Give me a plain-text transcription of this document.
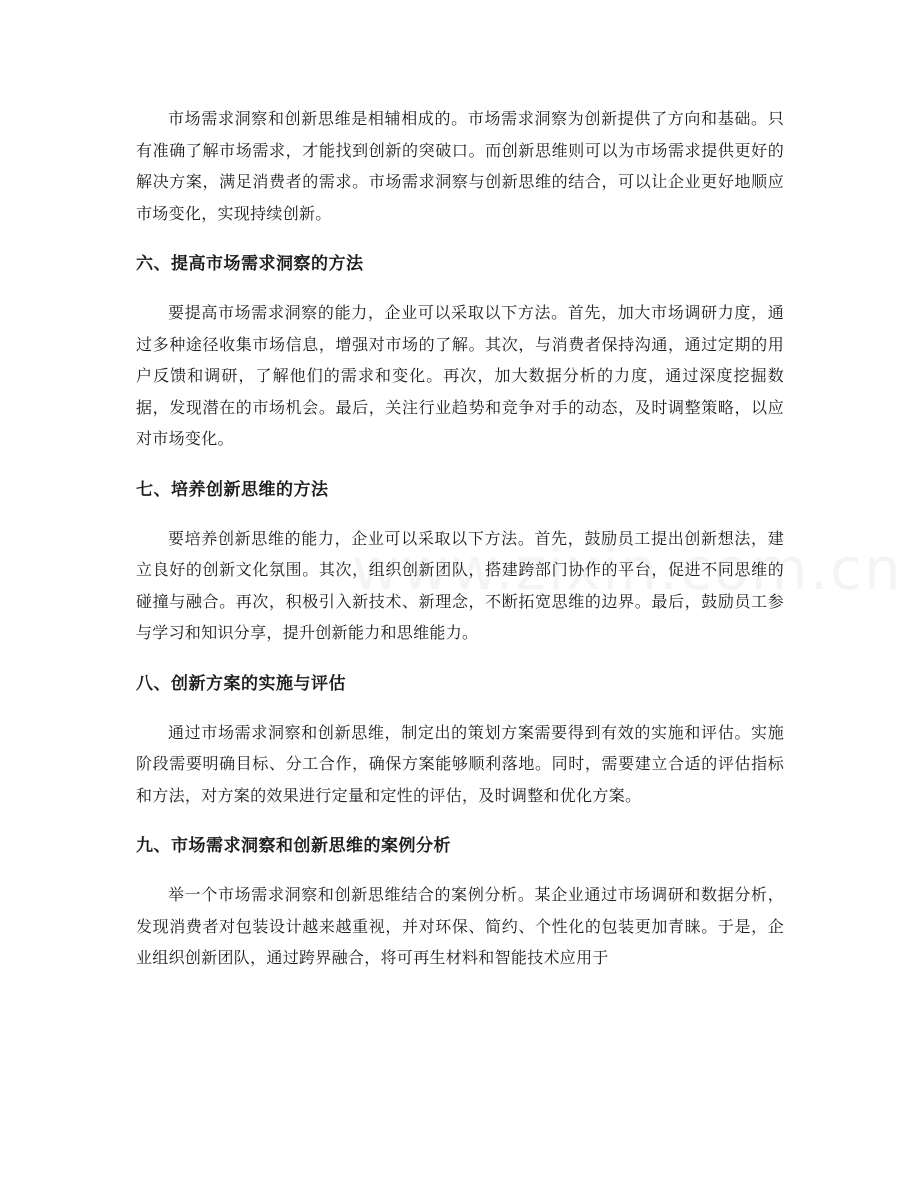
市场需求洞察和创新思维是相辅相成的。市场需求洞察为创新提供了方向和基础。只有准确了解市场需求，才能找到创新的突破口。而创新思维则可以为市场需求提供更好的解决方案，满足消费者的需求。市场需求洞察与创新思维的结合，可以让企业更好地顺应市场变化，实现持续创新。

六、提高市场需求洞察的方法

要提高市场需求洞察的能力，企业可以采取以下方法。首先，加大市场调研力度，通过多种途径收集市场信息，增强对市场的了解。其次，与消费者保持沟通，通过定期的用户反馈和调研，了解他们的需求和变化。再次，加大数据分析的力度，通过深度挖掘数据，发现潜在的市场机会。最后，关注行业趋势和竞争对手的动态，及时调整策略，以应对市场变化。

七、培养创新思维的方法

要培养创新思维的能力，企业可以采取以下方法。首先，鼓励员工提出创新想法，建立良好的创新文化氛围。其次，组织创新团队，搭建跨部门协作的平台，促进不同思维的碰撞与融合。再次，积极引入新技术、新理念，不断拓宽思维的边界。最后，鼓励员工参与学习和知识分享，提升创新能力和思维能力。

八、创新方案的实施与评估

通过市场需求洞察和创新思维，制定出的策划方案需要得到有效的实施和评估。实施阶段需要明确目标、分工合作，确保方案能够顺利落地。同时，需要建立合适的评估指标和方法，对方案的效果进行定量和定性的评估，及时调整和优化方案。

九、市场需求洞察和创新思维的案例分析

举一个市场需求洞察和创新思维结合的案例分析。某企业通过市场调研和数据分析，发现消费者对包装设计越来越重视，并对环保、简约、个性化的包装更加青睐。于是，企业组织创新团队，通过跨界融合，将可再生材料和智能技术应用于
